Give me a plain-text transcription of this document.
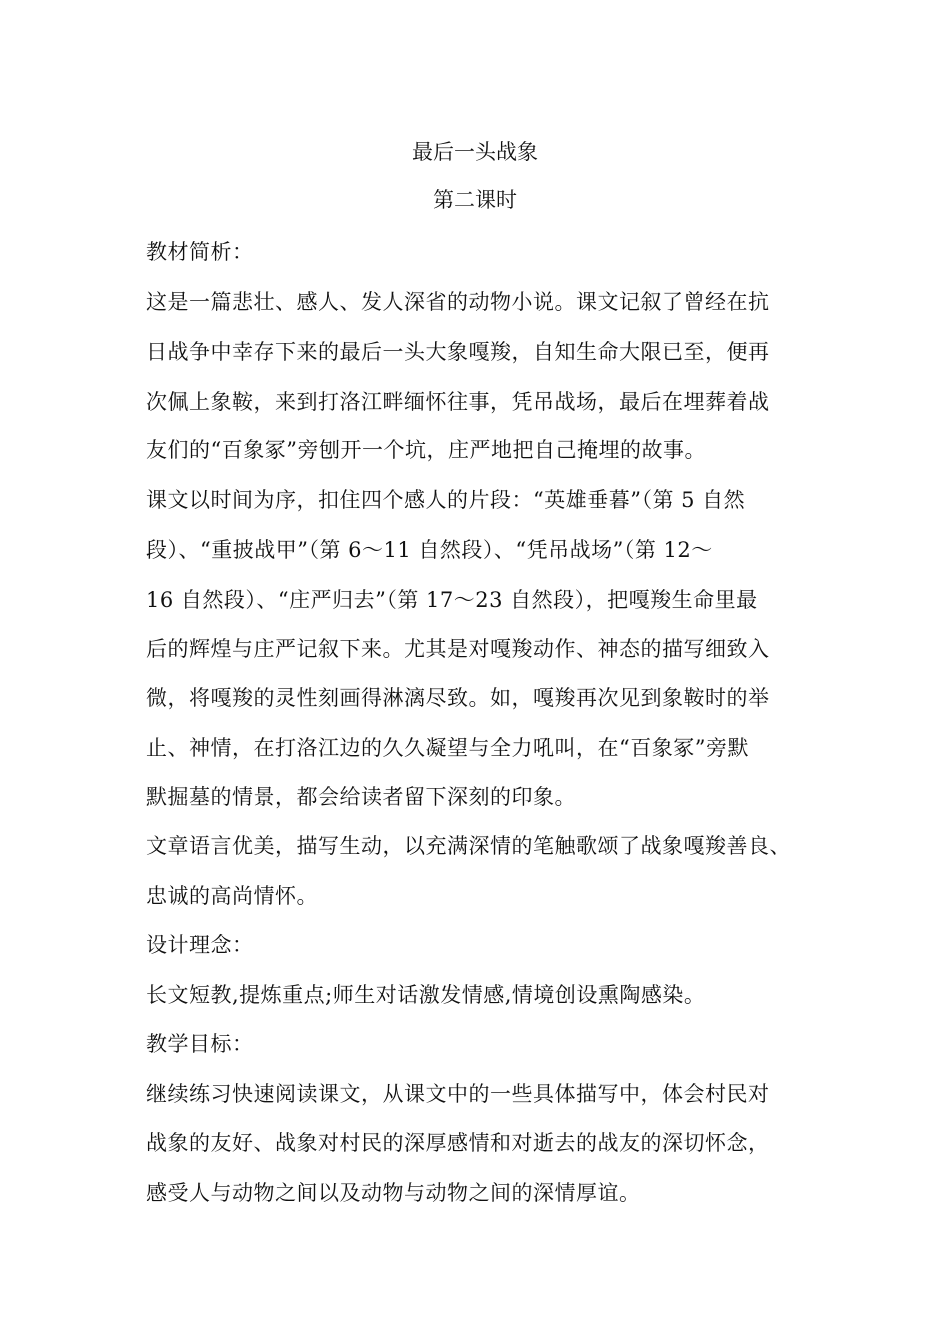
最后一头战象
第二课时
教材简析：
这是一篇悲壮、感人、发人深省的动物小说。课文记叙了曾经在抗
日战争中幸存下来的最后一头大象嘎羧，自知生命大限已至，便再
次佩上象鞍，来到打洛江畔缅怀往事，凭吊战场，最后在埋葬着战
友们的“百象冢”旁刨开一个坑，庄严地把自己掩埋的故事。
课文以时间为序，扣住四个感人的片段：“英雄垂暮”（第 5 自然
段）、“重披战甲”（第 6～11 自然段）、“凭吊战场”（第 12～
16 自然段）、“庄严归去”（第 17～23 自然段），把嘎羧生命里最
后的辉煌与庄严记叙下来。尤其是对嘎羧动作、神态的描写细致入
微，将嘎羧的灵性刻画得淋漓尽致。如，嘎羧再次见到象鞍时的举
止、神情，在打洛江边的久久凝望与全力吼叫，在“百象冢”旁默
默掘墓的情景，都会给读者留下深刻的印象。
文章语言优美，描写生动，以充满深情的笔触歌颂了战象嘎羧善良、
忠诚的高尚情怀。
设计理念：
长文短教,提炼重点;师生对话激发情感,情境创设熏陶感染。
教学目标：
继续练习快速阅读课文，从课文中的一些具体描写中，体会村民对
战象的友好、战象对村民的深厚感情和对逝去的战友的深切怀念，
感受人与动物之间以及动物与动物之间的深情厚谊。
